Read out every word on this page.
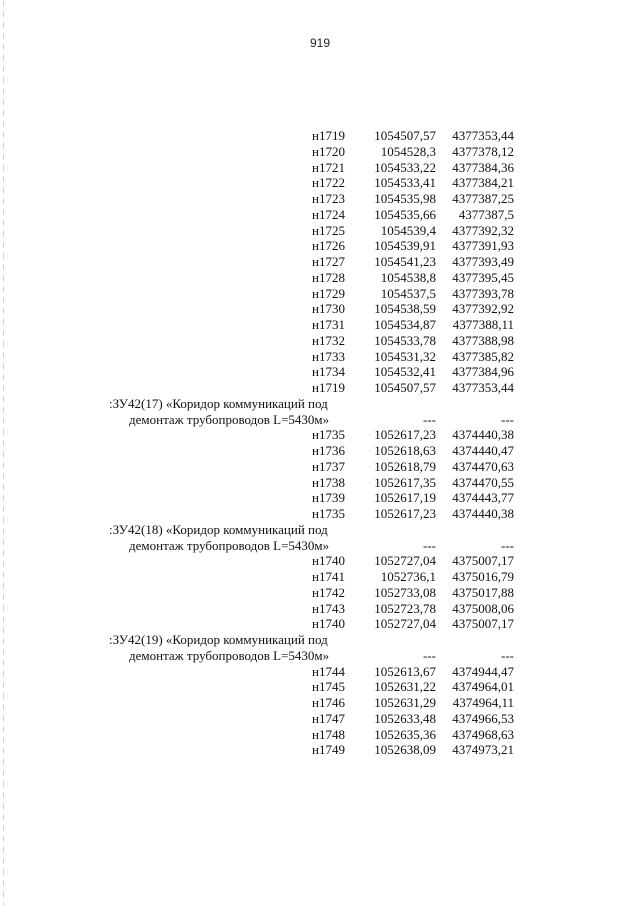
919
н1719 1054507,57 4377353,44
н1720	1054528,3 4377378,12
н1721 1054533,22 4377384,36
н1722 1054533,41 4377384,21
н1723 1054535,98 4377387,25
н1724 1054535,66 4377387,5
н1725	1054539,4 4377392,32
н1726 1054539,91 4377391,93
н1727 1054541,23 4377393,49
н1728	1054538,8 4377395,45
н1729	1054537,5 4377393,78
н1730 1054538,59 4377392,92
н1731 1054534,87 4377388,11
н1732 1054533,78 4377388,98
н1733 1054531,32 4377385,82
н1734 1054532,41 4377384,96
н1719 1054507,57 4377353,44
:ЗУ42(17) «Коридор коммуникаций под
демонтаж трубопроводов L=5430м»	---	---
н1735 1052617,23 4374440,38
н1736 1052618,63 4374440,47
н1737 1052618,79 4374470,63
н1738 1052617,35 4374470,55
н1739 1052617,19 4374443,77
н1735 1052617,23 4374440,38
:ЗУ42(18) «Коридор коммуникаций под
демонтаж трубопроводов L=5430м»	---	---
н1740 1052727,04 4375007,17
н1741	1052736,1 4375016,79
н1742 1052733,08 4375017,88
н1743 1052723,78 4375008,06
н1740 1052727,04 4375007,17
:ЗУ42(19) «Коридор коммуникаций под
демонтаж трубопроводов L=5430м»	---	---
н1744 1052613,67 4374944,47
н1745 1052631,22 4374964,01
н1746 1052631,29 4374964,11
н1747 1052633,48 4374966,53
н1748 1052635,36 4374968,63
н1749 1052638,09 4374973,21
